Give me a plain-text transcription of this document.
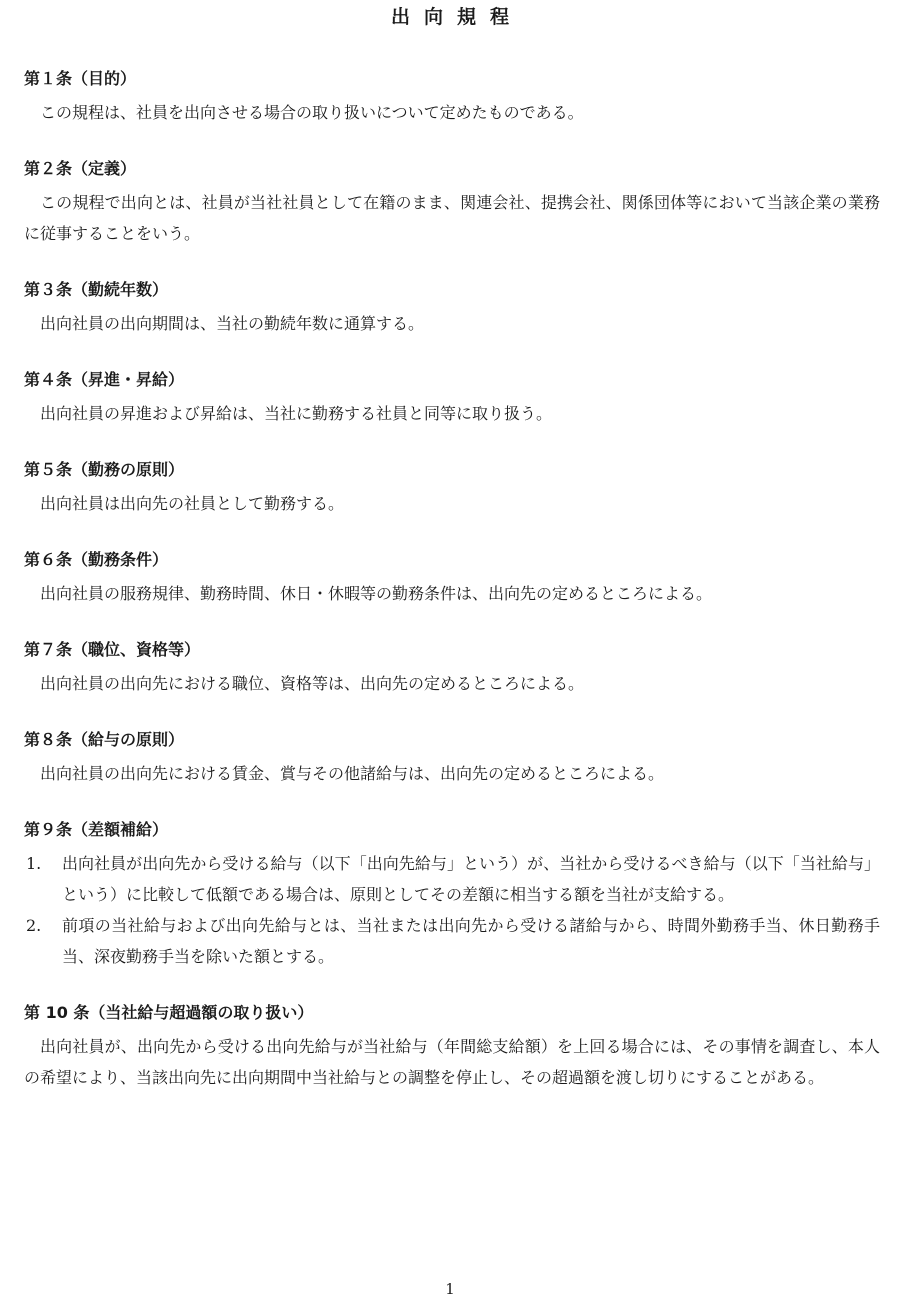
出向規程
第１条（目的）

この規程は、社員を出向させる場合の取り扱いについて定めたものである。

第２条（定義）

この規程で出向とは、社員が当社社員として在籍のまま、関連会社、提携会社、関係団体等において当該企業の業務に従事することをいう。

第３条（勤続年数）

出向社員の出向期間は、当社の勤続年数に通算する。

第４条（昇進・昇給）

出向社員の昇進および昇給は、当社に勤務する社員と同等に取り扱う。

第５条（勤務の原則）

出向社員は出向先の社員として勤務する。

第６条（勤務条件）

出向社員の服務規律、勤務時間、休日・休暇等の勤務条件は、出向先の定めるところによる。

第７条（職位、資格等）

出向社員の出向先における職位、資格等は、出向先の定めるところによる。

第８条（給与の原則）

出向社員の出向先における賃金、賞与その他諸給与は、出向先の定めるところによる。

第９条（差額補給）
1.	出向社員が出向先から受ける給与（以下「出向先給与」という）が、当社から受けるべき給与（以下「当社給与」という）に比較して低額である場合は、原則としてその差額に相当する額を当社が支給する。
2.	前項の当社給与および出向先給与とは、当社または出向先から受ける諸給与から、時間外勤務手当、休日勤務手当、深夜勤務手当を除いた額とする。
第 10 条（当社給与超過額の取り扱い）

出向社員が、出向先から受ける出向先給与が当社給与（年間総支給額）を上回る場合には、その事情を調査し、本人の希望により、当該出向先に出向期間中当社給与との調整を停止し、その超過額を渡し切りにすることがある。

1
